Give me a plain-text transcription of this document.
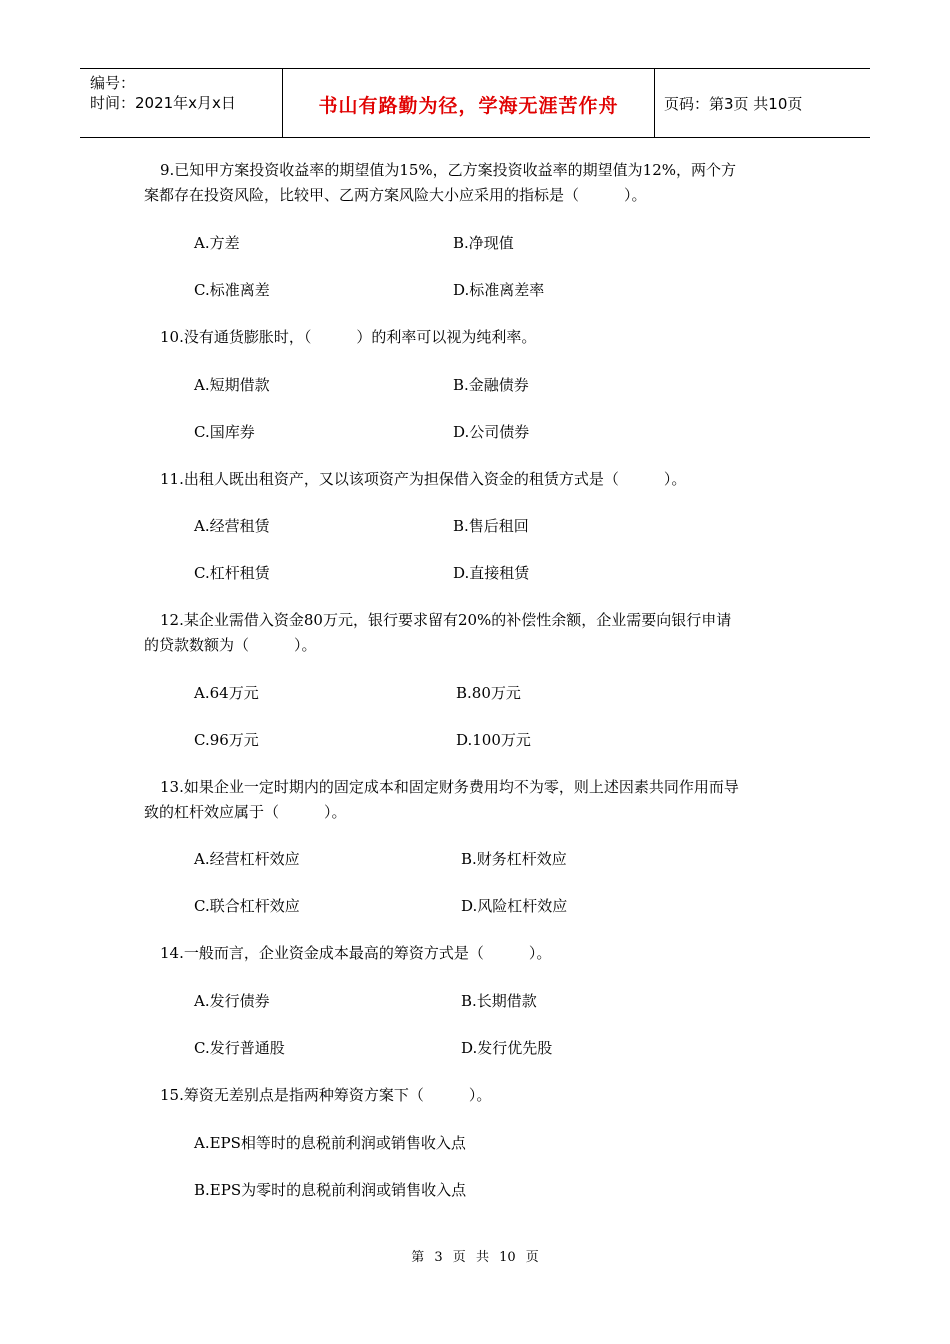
编号：
时间：2021年x月x日	书山有路勤为径，学海无涯苦作舟	页码：第3页 共10页
9.已知甲方案投资收益率的期望值为15%，乙方案投资收益率的期望值为12%，两个方
案都存在投资风险，比较甲、乙两方案风险大小应采用的指标是（　　　）。
A.方差	B.净现值
C.标准离差	D.标准离差率
10.没有通货膨胀时，（　　　）的利率可以视为纯利率。
A.短期借款	B.金融债券
C.国库券	D.公司债券
11.出租人既出租资产，又以该项资产为担保借入资金的租赁方式是（　　　）。
A.经营租赁	B.售后租回
C.杠杆租赁	D.直接租赁
12.某企业需借入资金80万元，银行要求留有20%的补偿性余额，企业需要向银行申请
的贷款数额为（　　　）。
A.64万元	B.80万元
C.96万元	D.100万元
13.如果企业一定时期内的固定成本和固定财务费用均不为零，则上述因素共同作用而导
致的杠杆效应属于（　　　）。
A.经营杠杆效应	B.财务杠杆效应
C.联合杠杆效应	D.风险杠杆效应
14.一般而言，企业资金成本最高的筹资方式是（　　　）。
A.发行债券	B.长期借款
C.发行普通股	D.发行优先股
15.筹资无差别点是指两种筹资方案下（　　　）。
A.EPS相等时的息税前利润或销售收入点
B.EPS为零时的息税前利润或销售收入点
第 3 页 共 10 页
